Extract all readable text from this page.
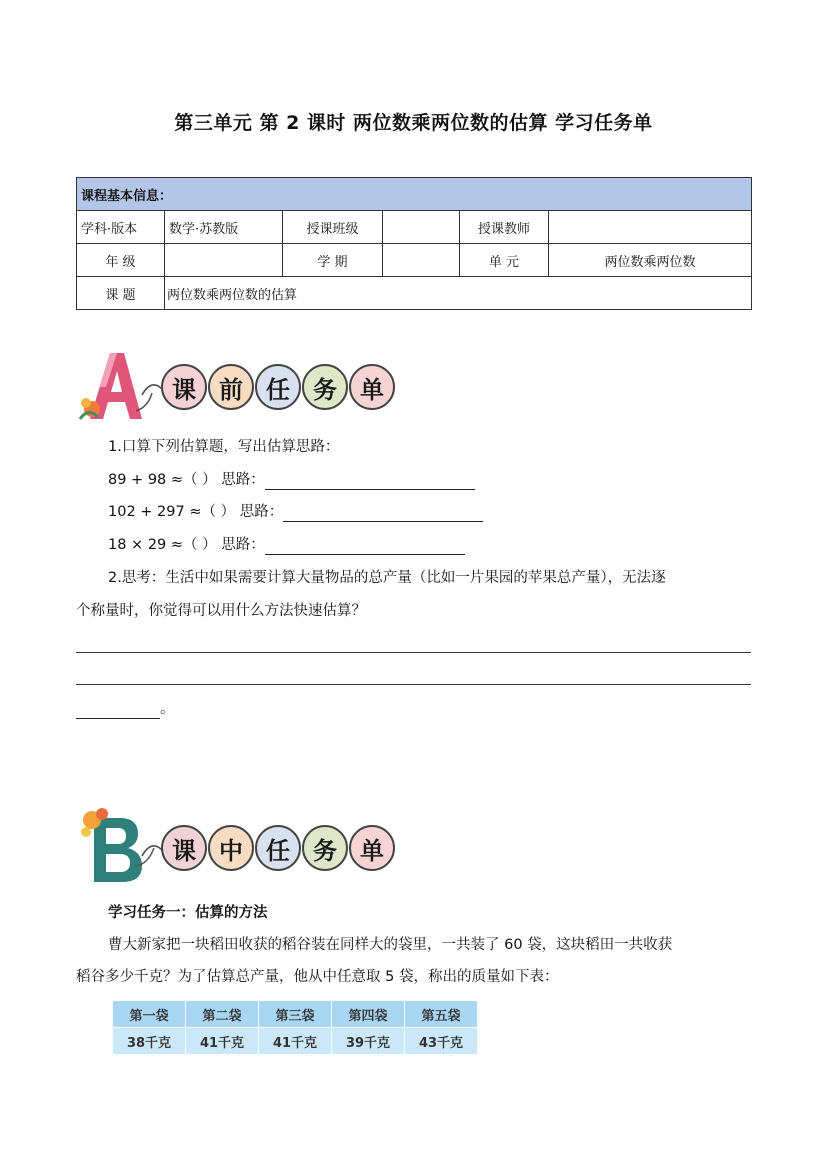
第三单元 第 2 课时 两位数乘两位数的估算 学习任务单
课程基本信息：					
学科·版本	数学·苏教版	授课班级		授课教师	
年 级		学 期		单 元	两位数乘两位数
课 题	两位数乘两位数的估算				
课 前 任 务 单
1.口算下列估算题，写出估算思路：
89 + 98 ≈（ ） 思路：
102 + 297 ≈（ ） 思路：
18 × 29 ≈（ ） 思路：
2.思考：生活中如果需要计算大量物品的总产量（比如一片果园的苹果总产量），无法逐
个称量时，你觉得可以用什么方法快速估算？
。
课 中 任 务 单
学习任务一：估算的方法
曹大新家把一块稻田收获的稻谷装在同样大的袋里，一共装了 60 袋，这块稻田一共收获
稻谷多少千克？为了估算总产量，他从中任意取 5 袋，称出的质量如下表：
第一袋	第二袋	第三袋	第四袋	第五袋
38千克	41千克	41千克	39千克	43千克
